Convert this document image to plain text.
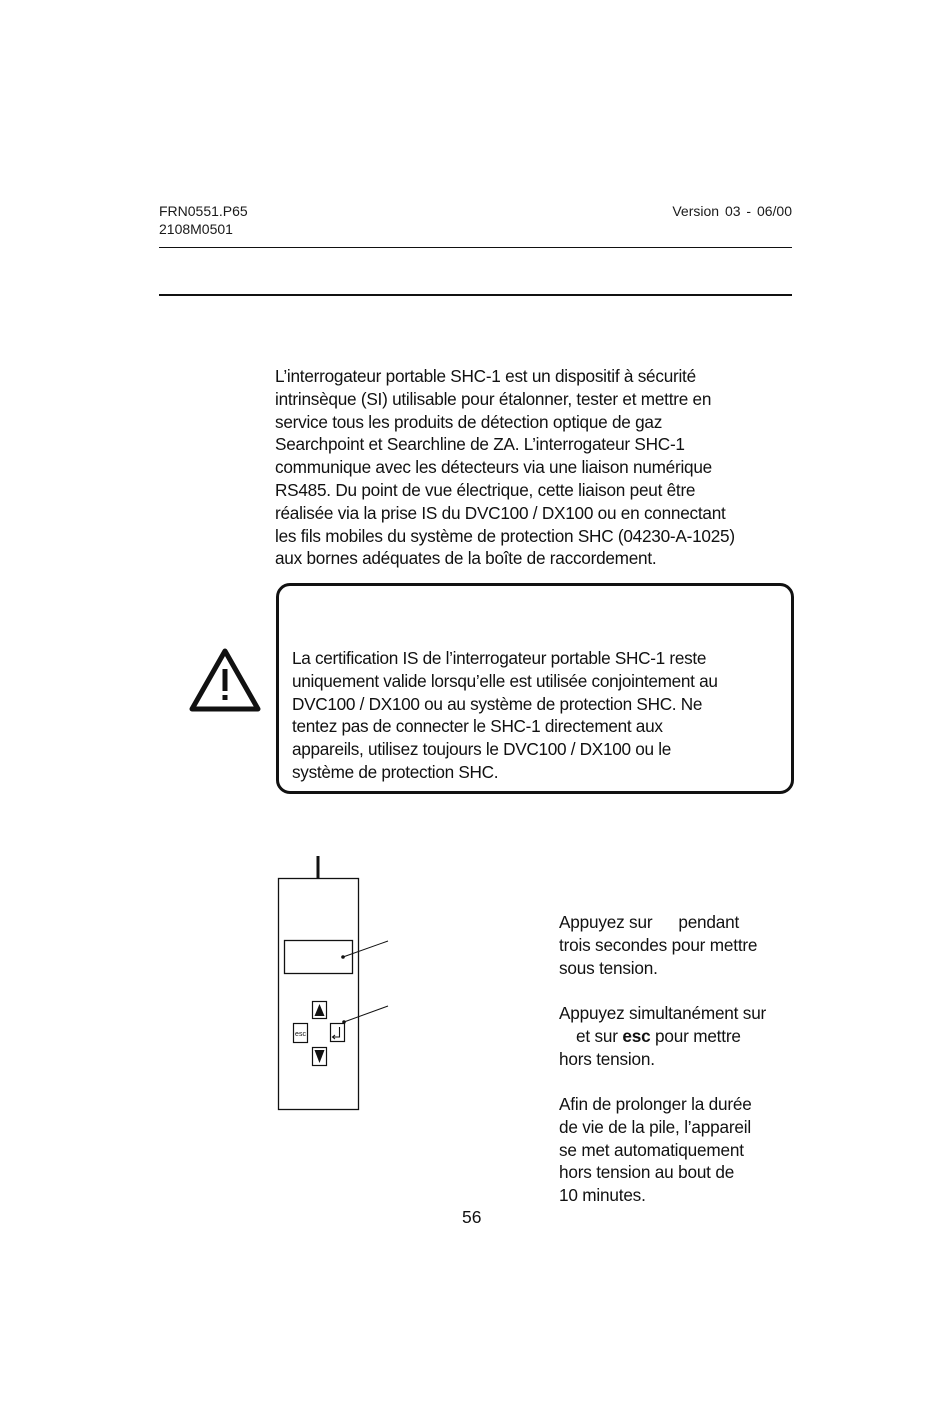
FRN0551.P65
2108M0501
Version 03 - 06/00
L’interrogateur portable SHC-1 est un dispositif à sécurité
intrinsèque (SI) utilisable pour étalonner, tester et mettre en
service tous les produits de détection optique de gaz
Searchpoint et Searchline de ZA. L’interrogateur SHC-1
communique avec les détecteurs via une liaison numérique
RS485. Du point de vue électrique, cette liaison peut être
réalisée via la prise IS du DVC100 / DX100 ou en connectant
les fils mobiles du système de protection SHC (04230-A-1025)
aux bornes adéquates de la boîte de raccordement.
La certification IS de l’interrogateur portable SHC-1 reste
uniquement valide lorsqu’elle est utilisée conjointement au
DVC100 / DX100 ou au système de protection SHC. Ne
tentez pas de connecter le SHC-1 directement aux
appareils, utilisez toujours le DVC100 / DX100 ou le
système de protection SHC.
esc
Appuyez sur pendant
trois secondes pour mettre
sous tension.
Appuyez simultanément sur
et sur esc pour mettre
hors tension.
Afin de prolonger la durée
de vie de la pile, l’appareil
se met automatiquement
hors tension au bout de
10 minutes.
56
